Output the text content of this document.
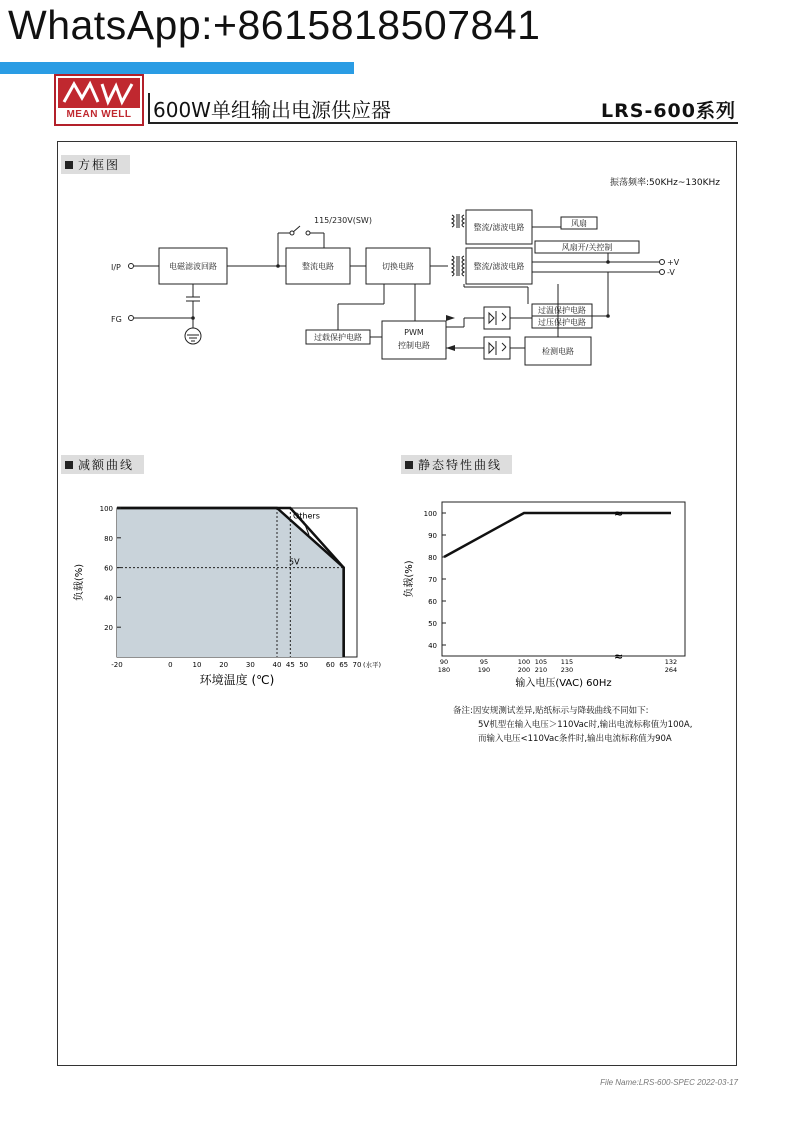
WhatsApp:+8615818507841
MEAN WELL	600W单组输出电源供应器	LRS-600系列
方框图
振荡频率:50KHz~130KHz
I/P
FG
电磁滤波回路	整流电路
115/230V(SW)
切换电路
整流/滤波电路
整流/滤波电路
风扇
风扇开/关控制
+V
-V
过温保护电路
过压保护电路
检测电路
过载保护电路
PWM
控制电路
减额曲线
Others
5V
20
40
60
80
100
-20	0	10	20	30	40 45 50	60 65 70 (水平)
环境温度 (℃)
负载(%)
静态特性曲线
≈
≈
40
50
60
70
80
90
100
90
180
95
190
100
200
105
210
115
230
132
264
输入电压(VAC) 60Hz
负载(%)
备注:因安规测试差异,贴纸标示与降载曲线不同如下:
5V机型在输入电压＞110Vac时,输出电流标称值为100A,
而输入电压<110Vac条件时,输出电流标称值为90A
File Name:LRS-600-SPEC 2022-03-17
